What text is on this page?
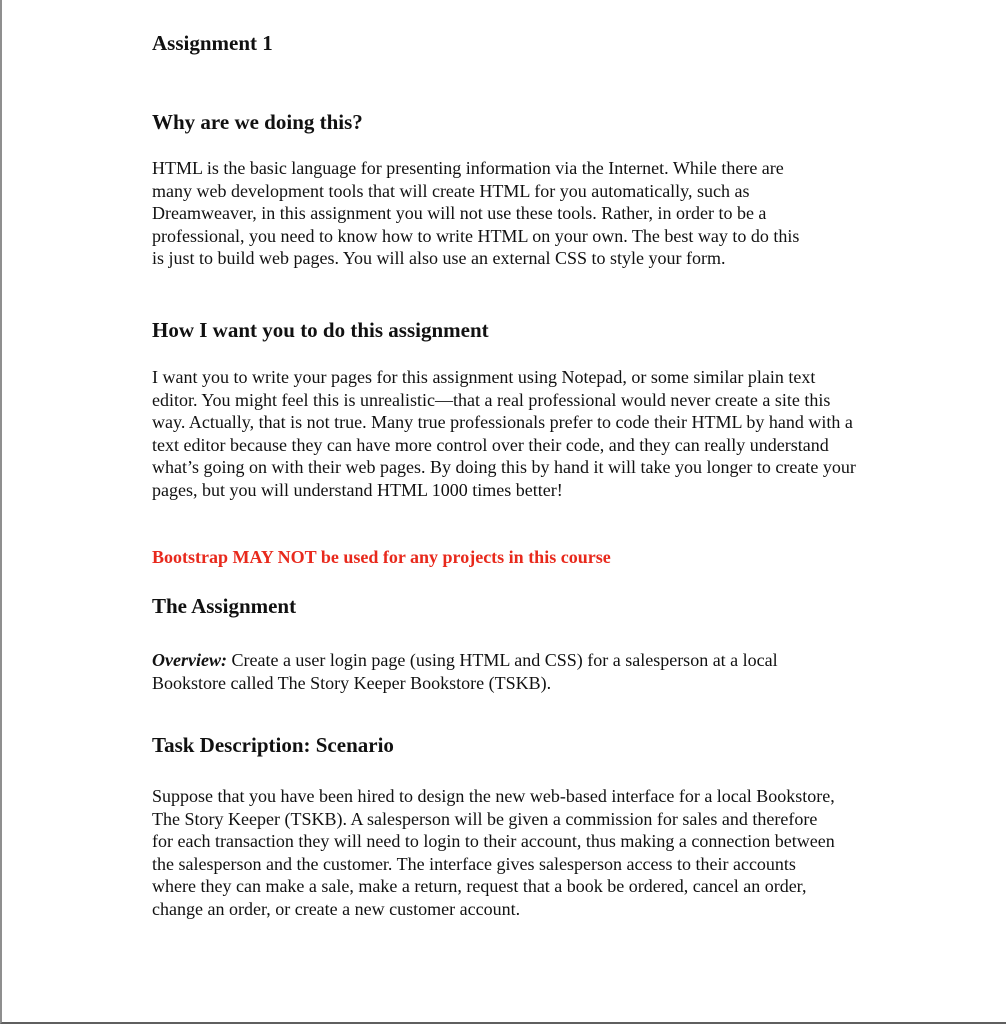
Assignment 1

Why are we doing this?

HTML is the basic language for presenting information via the Internet. While there are many web development tools that will create HTML for you automatically, such as Dreamweaver, in this assignment you will not use these tools. Rather, in order to be a professional, you need to know how to write HTML on your own. The best way to do this is just to build web pages. You will also use an external CSS to style your form.

How I want you to do this assignment

I want you to write your pages for this assignment using Notepad, or some similar plain text editor. You might feel this is unrealistic—that a real professional would never create a site this way. Actually, that is not true. Many true professionals prefer to code their HTML by hand with a text editor because they can have more control over their code, and they can really understand what’s going on with their web pages. By doing this by hand it will take you longer to create your pages, but you will understand HTML 1000 times better!

Bootstrap MAY NOT be used for any projects in this course

The Assignment

Overview: Create a user login page (using HTML and CSS) for a salesperson at a local Bookstore called The Story Keeper Bookstore (TSKB).

Task Description: Scenario

Suppose that you have been hired to design the new web-based interface for a local Bookstore, The Story Keeper (TSKB). A salesperson will be given a commission for sales and therefore for each transaction they will need to login to their account, thus making a connection between the salesperson and the customer. The interface gives salesperson access to their accounts where they can make a sale, make a return, request that a book be ordered, cancel an order, change an order, or create a new customer account.
